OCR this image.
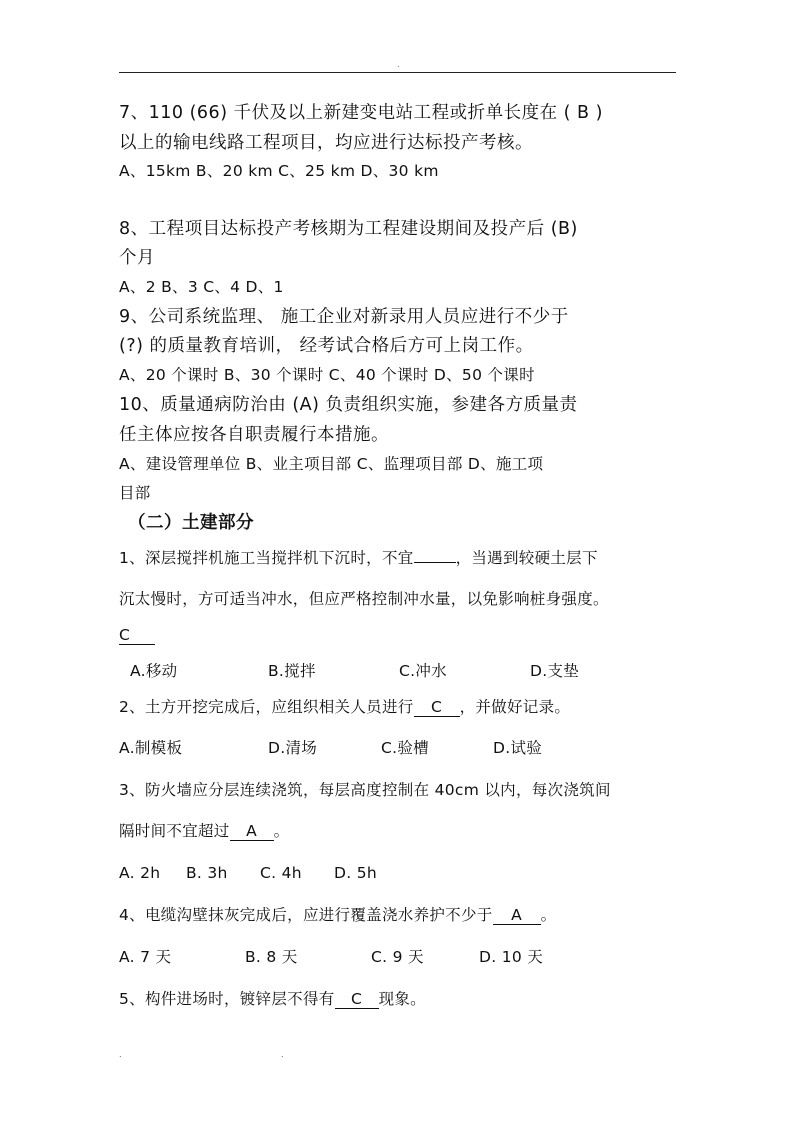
.
7、110 (66) 千伏及以上新建变电站工程或折单长度在 ( B )
以上的输电线路工程项目，均应进行达标投产考核。
A、15km B、20 km C、25 km D、30 km
8、工程项目达标投产考核期为工程建设期间及投产后 (B)
个月
A、2 B、3 C、4 D、1
9、公司系统监理、 施工企业对新录用人员应进行不少于
(?) 的质量教育培训， 经考试合格后方可上岗工作。
A、20 个课时 B、30 个课时 C、40 个课时 D、50 个课时
10、质量通病防治由 (A) 负责组织实施，参建各方质量责
任主体应按各自职责履行本措施。
A、建设管理单位 B、业主项目部 C、监理项目部 D、施工项
目部
（二）土建部分
1、深层搅拌机施工当搅拌机下沉时，不宜	，当遇到较硬土层下
沉太慢时，方可适当冲水，但应严格控制冲水量，以免影响桩身强度。
C
A.移动	B.搅拌	C.冲水	D.支垫
2、土方开挖完成后，应组织相关人员进行 C ，并做好记录。
A.制模板	D.清场	C.验槽	D.试验
3、防火墙应分层连续浇筑，每层高度控制在 40cm 以内，每次浇筑间
隔时间不宜超过 A 。
A. 2h B. 3h C. 4h D. 5h
4、电缆沟壁抹灰完成后，应进行覆盖浇水养护不少于 A 。
A. 7 天	B. 8 天	C. 9 天	D. 10 天
5、构件进场时，镀锌层不得有 C 现象。
.	.
